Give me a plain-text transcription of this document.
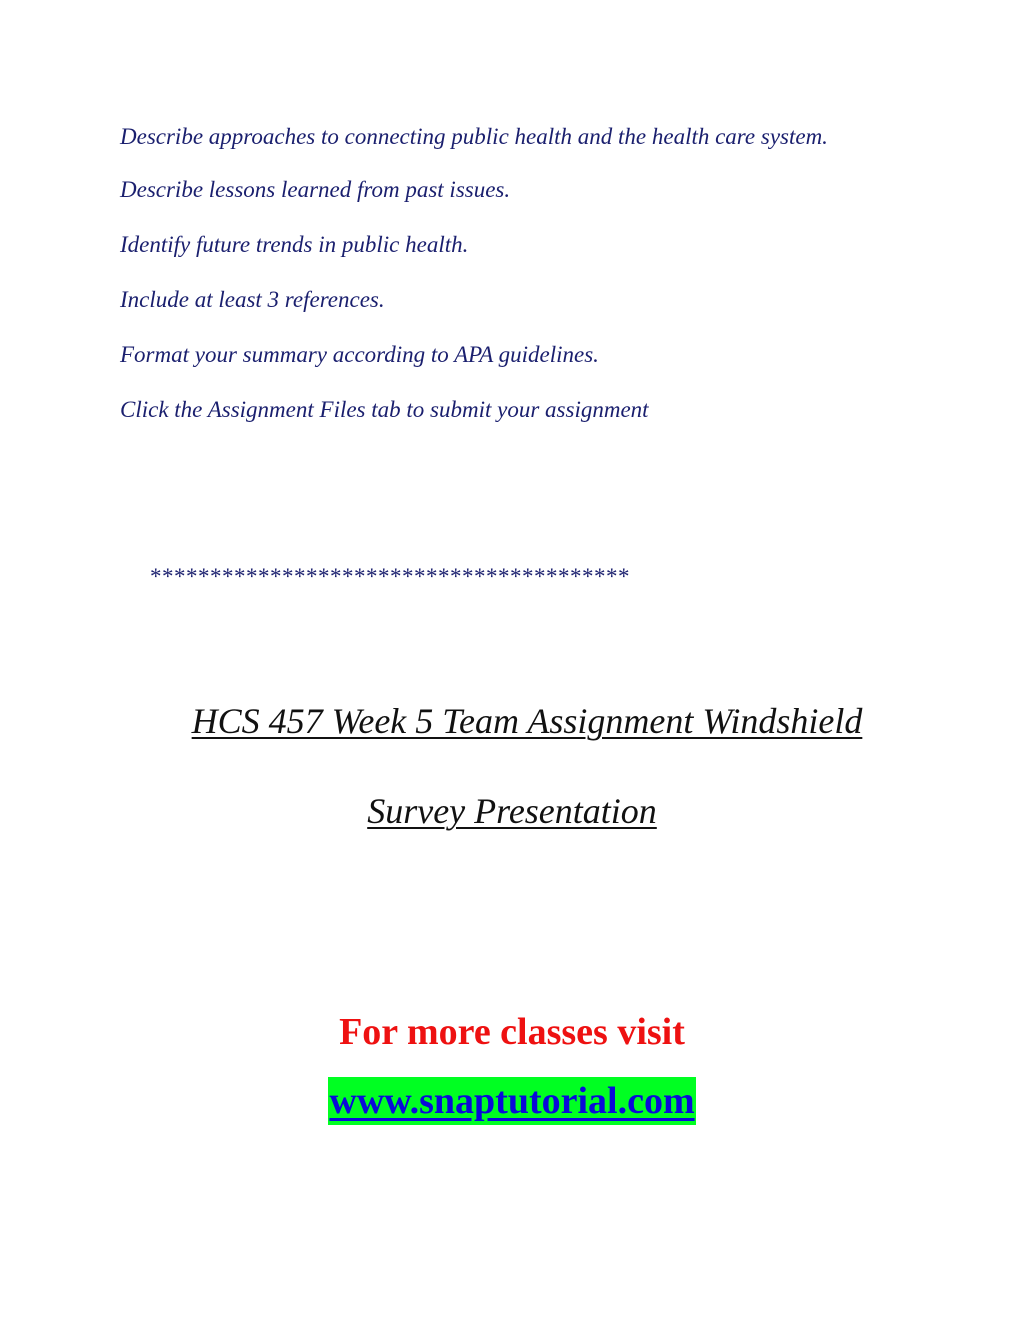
Describe approaches to connecting public health and the health care system.
Describe lessons learned from past issues.
Identify future trends in public health.
Include at least 3 references.
Format your summary according to APA guidelines.
Click the Assignment Files tab to submit your assignment
****************************************
HCS 457 Week 5 Team Assignment Windshield
Survey Presentation
For more classes visit
www.snaptutorial.com
